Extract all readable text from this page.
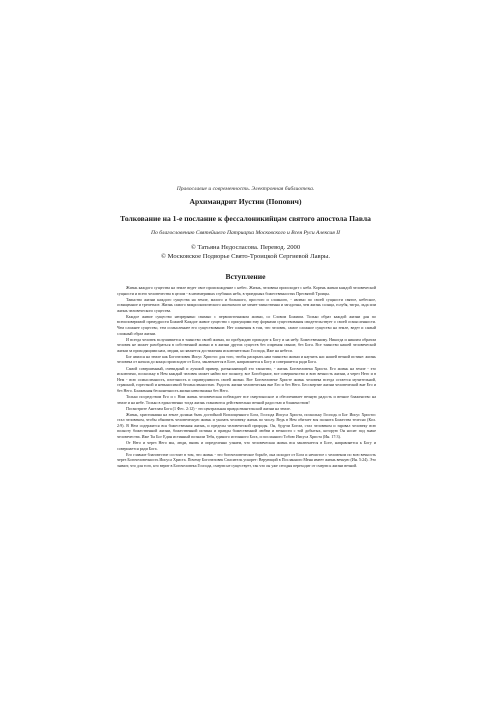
Православие и современность. Электронная библиотека.
Архимандрит Иустин (Попович)
Толкование на 1-е послание к фессалоникийцам святого апостола Павла
По благословению Святейшего Патриарха Московского и Всея Руси Алексия II
© Татьяна Недосласова. Перевод. 2000
© Московское Подворье Свято-Троицкой Сергиевой Лавры.
Вступление

Жизнь каждого существа на земле ведет свое происхождение с небес. Жизнь, человека происходит с неба. Корень жизни каждой человеческой сущности и всего человечества в целом - в неизмеримых глубинах неба, в триединых божественностях Пресвятой Троицы.

Таинство жизни каждого существа на земле, малого и большого, простого и сложного, - явлено по своей сущности святое, небесное, освященное и трепетное. Жизнь самого микроскопического насекомого не менее таинственна и загадочна, чем жизнь солнца, голубя, тигра, льда или жизнь человеческого существа.

Каждое живое существо непрерывно связано с первоисточником жизни, со Словом Божиим. Только образ каждой жизни дан по всеисповеримой премудрости Божией Каждое живое существо с присущими ему формами существования свидетельствует о своей осмысленности. Чем сложнее существо, тем осмысленнее его существование. Нет сомнения в том, что человек, самое сложное существо на земле, ведет и самый сложный образ жизни.

И всегда человек вслушивается в таинство своей жизни, по пробуждаю приходит к Богу и на небу. Божественному. Никогда и никоим образом человек не может разобраться в собственной жизни и в жизни других существ без озарения свыше, без Бога. Все таинство нашей человеческой жизни за приходящими нам, людям, но является достижения исключительно Господа, Иже на небеси.

Бог явился на земле как Богочеловек Иисус Христос для того, чтобы раскрыть нам таинство жизни и научить нас нашей вечной истине: жизнь человека от начала до конца происходит от Бога, заключается в Боге, направляется к Богу и совершается ради Бога.

Самой совершенный, очевидный и лучший пример, разъясняющий это таинство, - жизнь Богочеловека Христа. Его жизнь на земле - это исключено, поскольку в Нем каждый человек может найти все полноту, все Богоборное, все совершенство и всю вечность жизни, а через Него и в Нем - всю осмысленность, изотчность и справедливость своей жизни. Вот Богочеловеке Христе жизнь человека всегда остается мучительной, страшной, горестной и невыносимой бесмысленностью. Радость жизни человеческая вне Его и без Него. Бессмертие жизни человеческой вне Его и без Него. Блаженная бесконечность жизни невозможна без Него.

Только посредством Его и с Ним жизнь человеческая побеждает все смертоносное и обеспечивает вечную радость и вечное блаженство на земле и на небе. Только в единственно тогда жизнь становится действительно вечной радостью и блаженством!

Посмотрите Ангелам Бога (1 Фес. 2:12) - это центральная правда евангельской жизни на земле.

Жизнь, христианина на земле должна быть достойной Воплощенного Бога, Господа Иисуса Христа, поскольку Господь и Бог Иисус Христос стал человеком, чтобы обновить человеческую жизнь и указать человеку жизнь по числу. Ведь в Нем обитает вся полнота Божества телесно (Кол. 2:9). В Нем содержится вся божественная жизнь, и пределы человеческой природы. Он, будучи Богом, стал человеком и заровал человеку всю полноту божественной жизни, божественной истины и правды божественной любви и вечности с той добытых, которую Он носит под знаке человечества. Иже Ты Бог Един истинный познали Тебя, единого истинного Бога, и посланного Тобою Иисуса Христа (Ин. 17:3).

От Него и через Него мы, люди, вновь и определенно узнаем, что человеческая жизнь вся заключается в Боге, направляется к Богу и совершается ради Бога.

Его главное благовестие состоит в том, что жизнь - это богочеловеческое борьбе, она исходит от Бога и нечистое с человеком по всю вечность через Богочеловечность Иисуса Христа. Почему Богочеловек Спаситель ускорет: Верующий в Посланного Меня имеет жизнь вечную (Ин. 5:24). Это значит, что для того, кто верит в Богочеловека Господа, смерти не существует, так что он уже сегодня переходит от смерти к жизни вечной.
